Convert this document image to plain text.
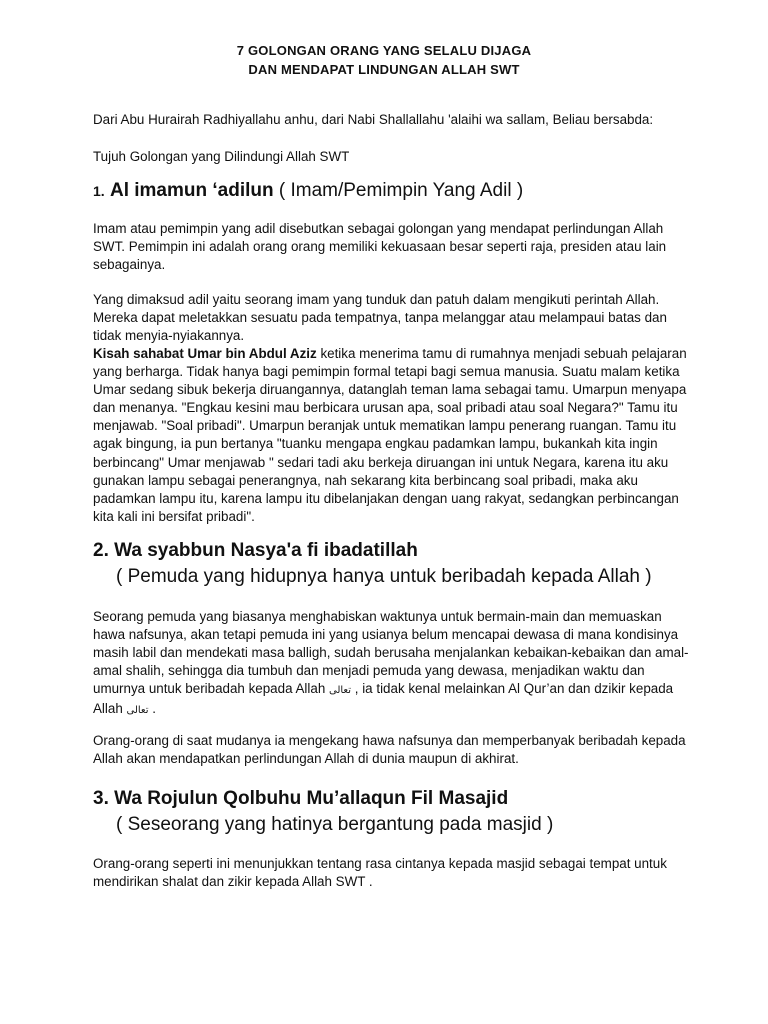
7 GOLONGAN ORANG YANG SELALU DIJAGA
DAN MENDAPAT LINDUNGAN ALLAH SWT
Dari Abu Hurairah Radhiyallahu anhu, dari Nabi Shallallahu 'alaihi wa sallam, Beliau bersabda:
Tujuh Golongan yang Dilindungi Allah SWT
1. Al imamun ‘adilun ( Imam/Pemimpin Yang Adil )

Imam atau pemimpin yang adil disebutkan sebagai golongan yang mendapat perlindungan Allah SWT. Pemimpin ini adalah orang orang memiliki kekuasaan besar seperti raja, presiden atau lain sebagainya.

Yang dimaksud adil yaitu seorang imam yang tunduk dan patuh dalam mengikuti perintah Allah. Mereka dapat meletakkan sesuatu pada tempatnya, tanpa melanggar atau melampaui batas dan tidak menyia-nyiakannya.

Kisah sahabat Umar bin Abdul Aziz ketika menerima tamu di rumahnya menjadi sebuah pelajaran yang berharga. Tidak hanya bagi pemimpin formal tetapi bagi semua manusia. Suatu malam ketika Umar sedang sibuk bekerja diruangannya, datanglah teman lama sebagai tamu. Umarpun menyapa dan menanya. "Engkau kesini mau berbicara urusan apa, soal pribadi atau soal Negara?" Tamu itu menjawab. "Soal pribadi". Umarpun beranjak untuk mematikan lampu penerang ruangan. Tamu itu agak bingung, ia pun bertanya "tuanku mengapa engkau padamkan lampu, bukankah kita ingin berbincang" Umar menjawab " sedari tadi aku berkeja diruangan ini untuk Negara, karena itu aku gunakan lampu sebagai penerangnya, nah sekarang kita berbincang soal pribadi, maka aku padamkan lampu itu, karena lampu itu dibelanjakan dengan uang rakyat, sedangkan perbincangan kita kali ini bersifat pribadi".

2. Wa syabbun Nasya'a fi ibadatillah
( Pemuda yang hidupnya hanya untuk beribadah kepada Allah )

Seorang pemuda yang biasanya menghabiskan waktunya untuk bermain-main dan memuaskan hawa nafsunya, akan tetapi pemuda ini yang usianya belum mencapai dewasa di mana kondisinya masih labil dan mendekati masa balligh, sudah berusaha menjalankan kebaikan-kebaikan dan amal-amal shalih, sehingga dia tumbuh dan menjadi pemuda yang dewasa, menjadikan waktu dan umurnya untuk beribadah kepada Allah تعالى , ia tidak kenal melainkan Al Qur’an dan dzikir kepada Allah تعالى .

Orang-orang di saat mudanya ia mengekang hawa nafsunya dan memperbanyak beribadah kepada Allah akan mendapatkan perlindungan Allah di dunia maupun di akhirat.

3. Wa Rojulun Qolbuhu Mu’allaqun Fil Masajid
( Seseorang yang hatinya bergantung pada masjid )

Orang-orang seperti ini menunjukkan tentang rasa cintanya kepada masjid sebagai tempat untuk mendirikan shalat dan zikir kepada Allah SWT .
